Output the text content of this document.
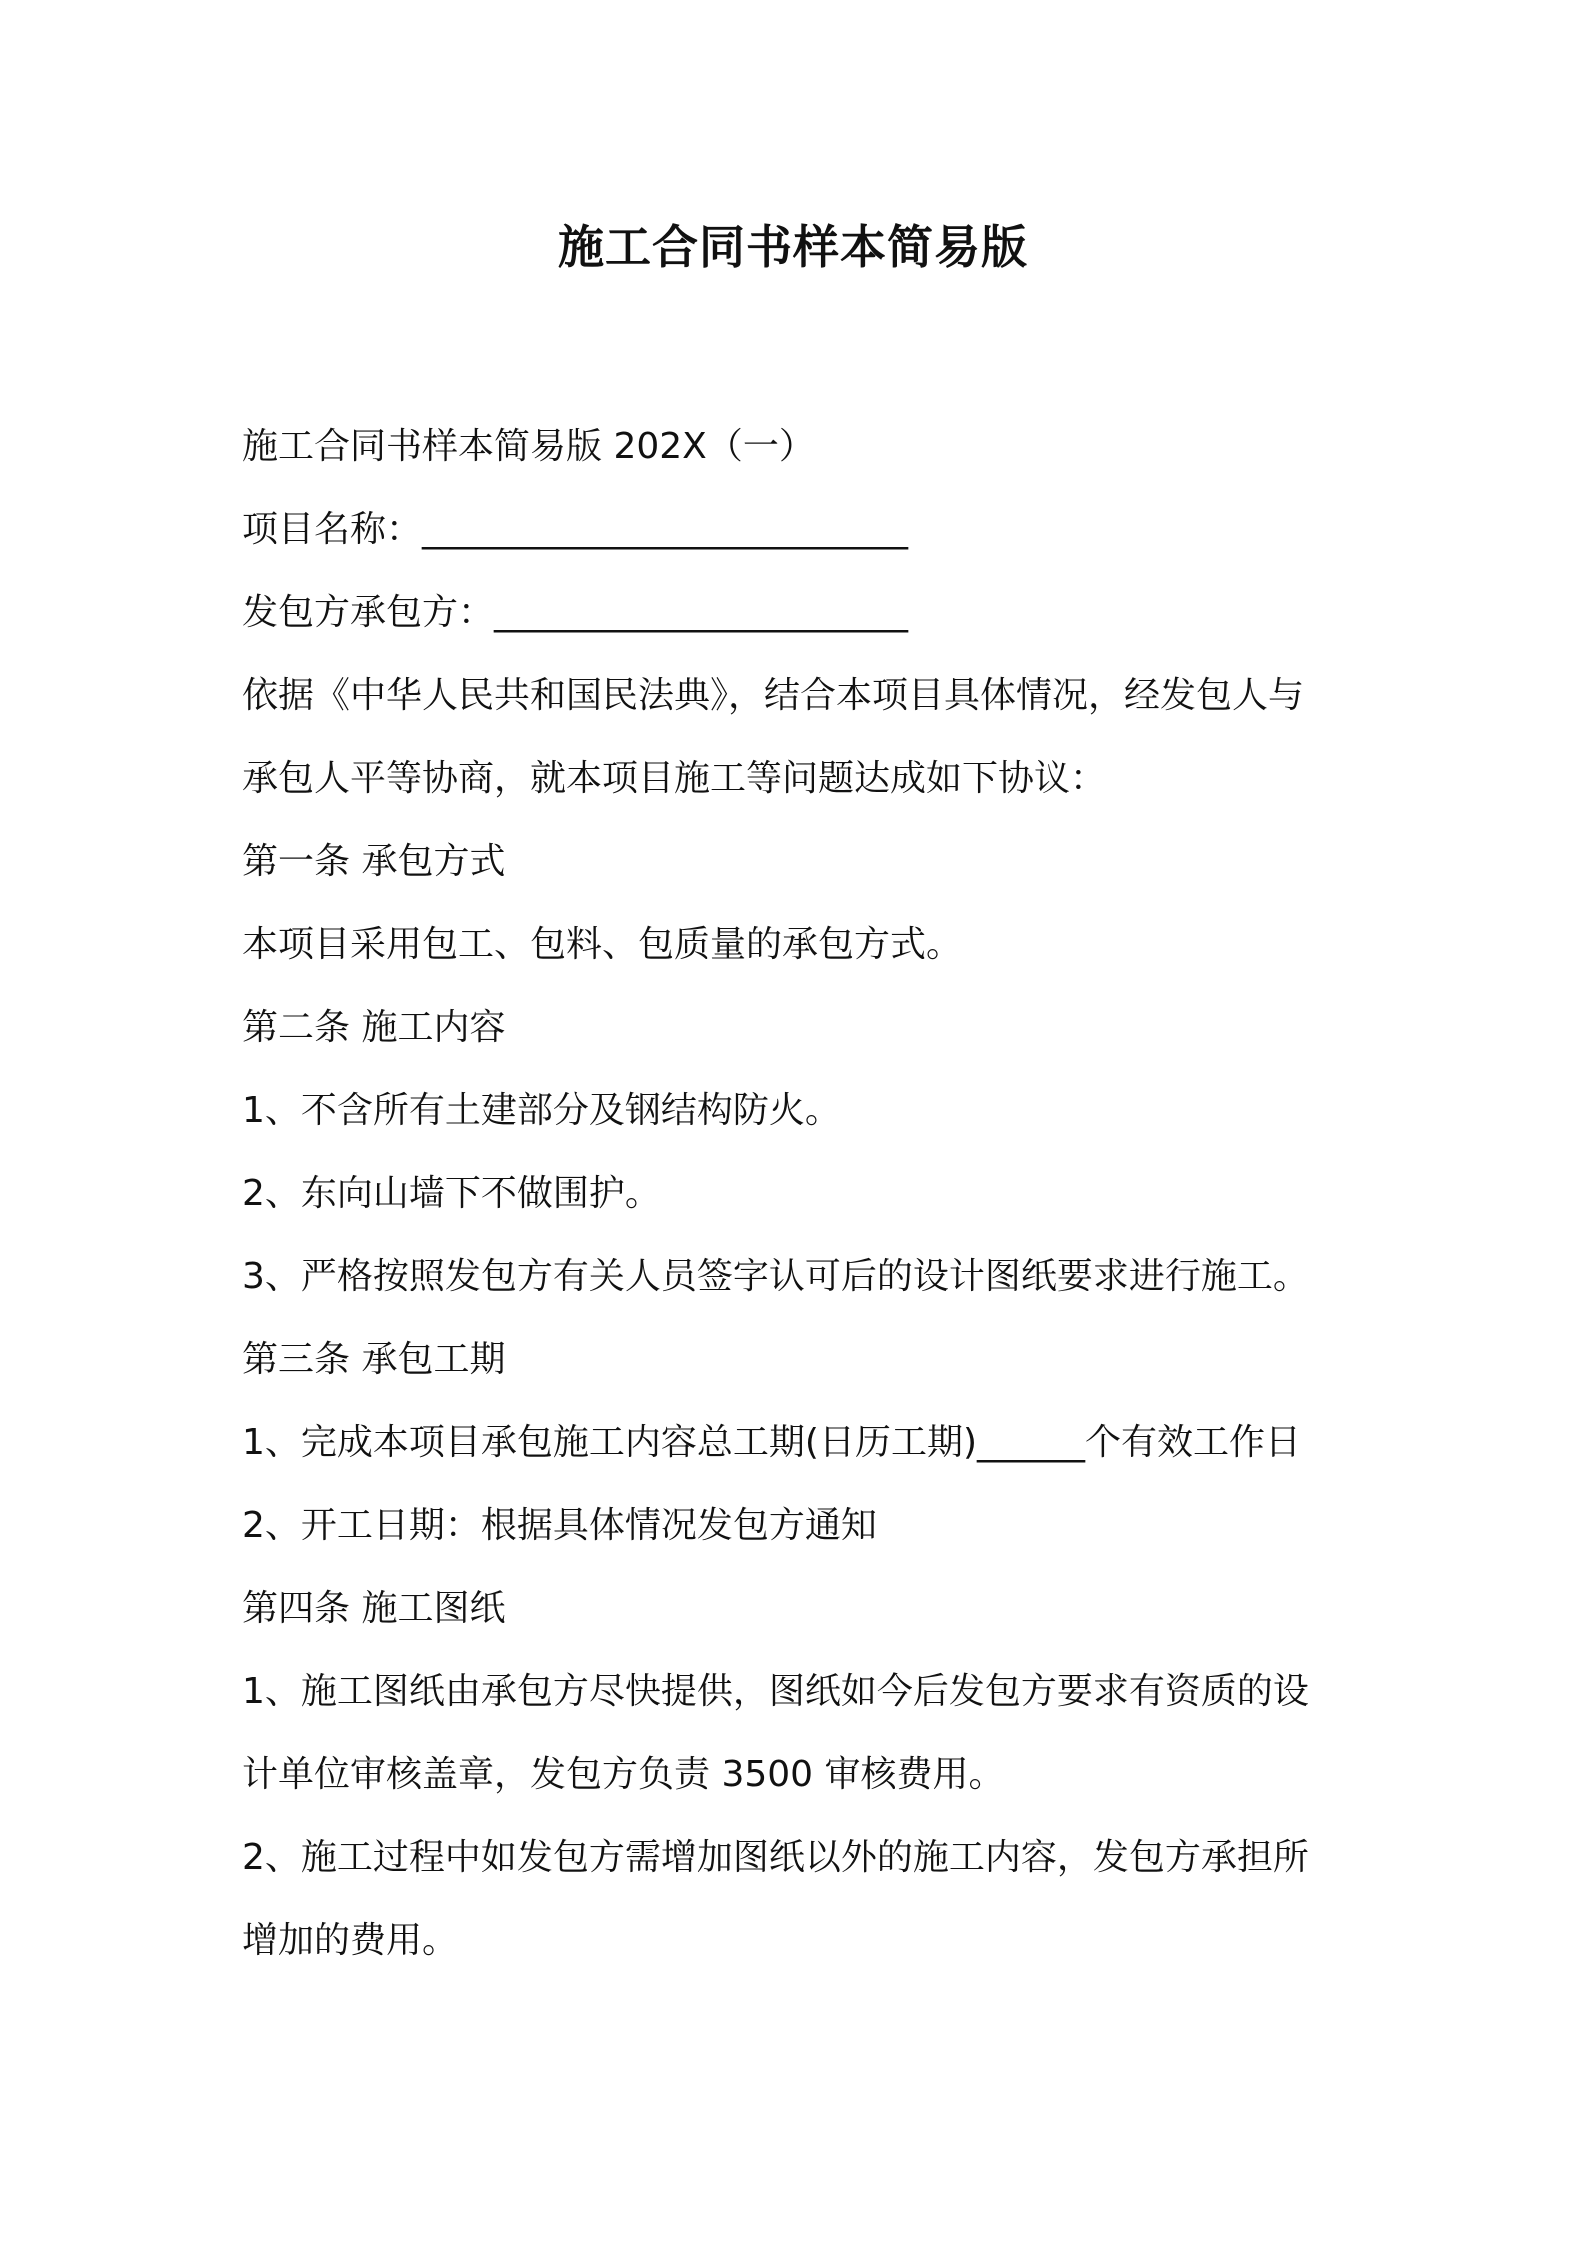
施工合同书样本简易版

施工合同书样本简易版 202X（一）

项目名称：___________________________

发包方承包方：_______________________

依据《中华人民共和国民法典》，结合本项目具体情况，经发包人与

承包人平等协商，就本项目施工等问题达成如下协议：

第一条 承包方式

本项目采用包工、包料、包质量的承包方式。

第二条 施工内容

1、不含所有土建部分及钢结构防火。

2、东向山墙下不做围护。

3、严格按照发包方有关人员签字认可后的设计图纸要求进行施工。

第三条 承包工期

1、完成本项目承包施工内容总工期(日历工期)______个有效工作日

2、开工日期：根据具体情况发包方通知

第四条 施工图纸

1、施工图纸由承包方尽快提供，图纸如今后发包方要求有资质的设

计单位审核盖章，发包方负责 3500 审核费用。

2、施工过程中如发包方需增加图纸以外的施工内容，发包方承担所

增加的费用。
